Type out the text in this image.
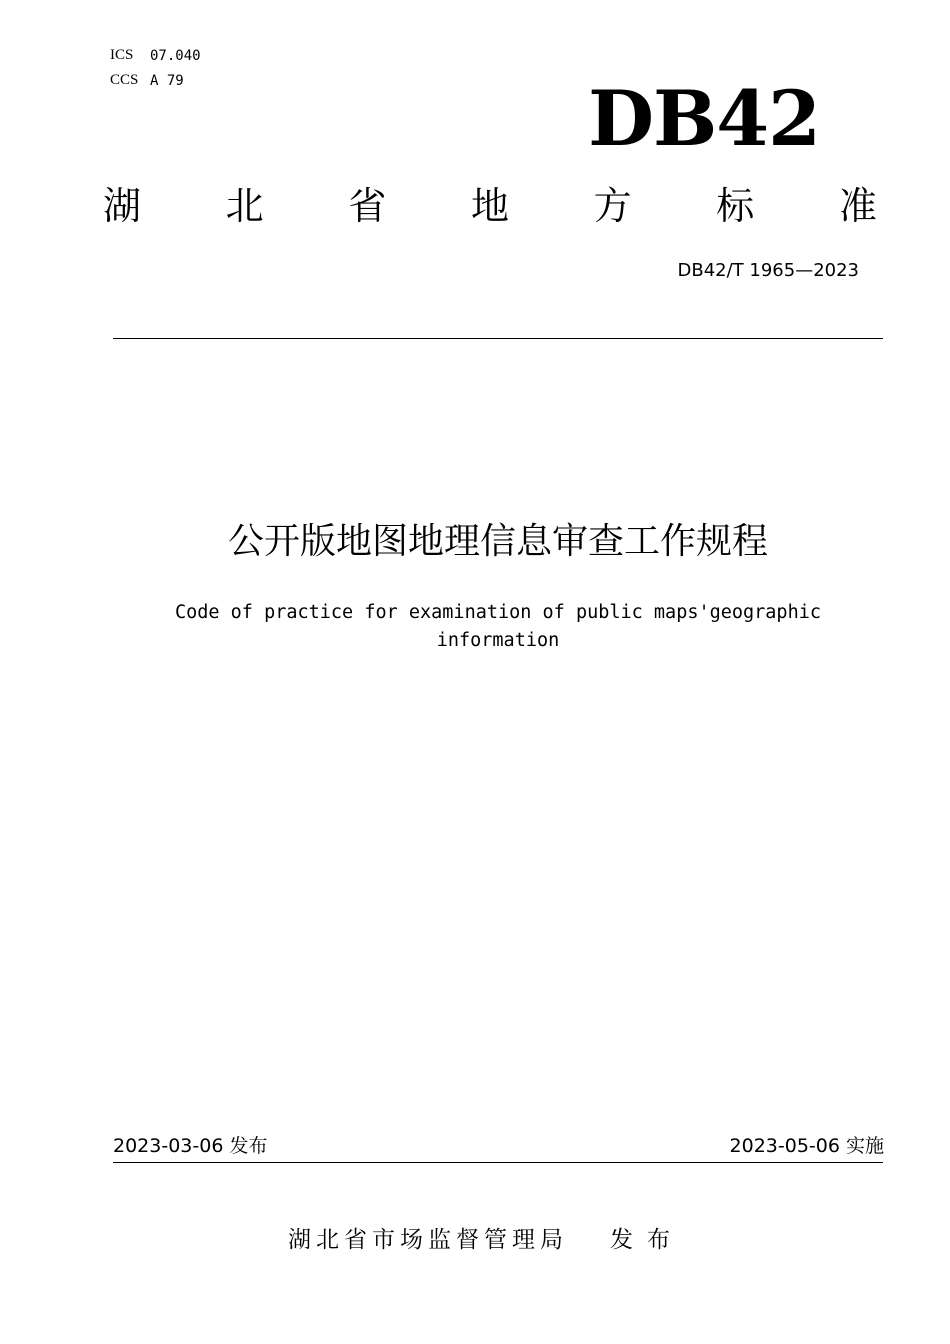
ICS 07.040
CCS A 79	DB42
湖 北 省 地 方 标 准
DB42/T 1965—2023
公开版地图地理信息审查工作规程
Code of practice for examination of public maps'geographic
information
2023-03-06 发布	2023-05-06 实施
湖北省市场监督管理局 发布
